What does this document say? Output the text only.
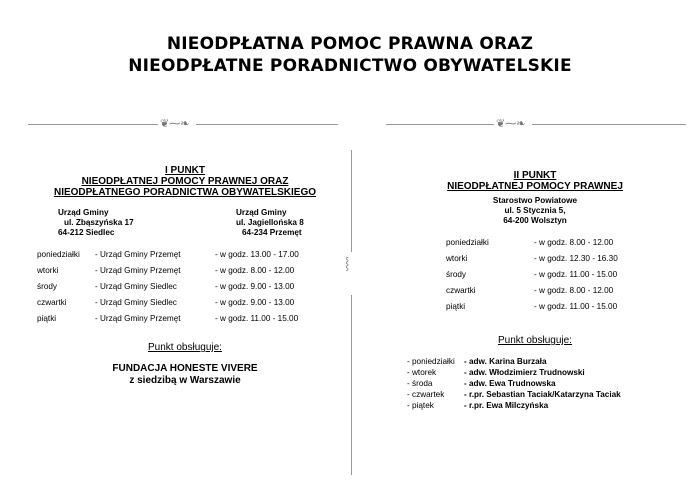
NIEODPŁATNA POMOC PRAWNA ORAZ
NIEODPŁATNE PORADNICTWO OBYWATELSKIE
❦⁓❧	❦⁓❧
⸾
I PUNKT
NIEODPŁATNEJ POMOCY PRAWNEJ ORAZ
NIEODPŁATNEGO PORADNICTWA OBYWATELSKIEGO
Urząd Gminy
ul. Zbąszyńska 17
64-212 Siedlec
Urząd Gminy
ul. Jagiellońska 8
64-234 Przemęt
poniedziałki - Urząd Gminy Przemęt	- w godz. 13.00 - 17.00
wtorki	- Urząd Gminy Przemęt	- w godz. 8.00 - 12.00
środy	- Urząd Gminy Siedlec	- w godz. 9.00 - 13.00
czwartki	- Urząd Gminy Siedlec	- w godz. 9.00 - 13.00
piątki	- Urząd Gminy Przemęt	- w godz. 11.00 - 15.00
Punkt obsługuje:
FUNDACJA HONESTE VIVERE
z siedzibą w Warszawie
II PUNKT
NIEODPŁATNEJ POMOCY PRAWNEJ
Starostwo Powiatowe
ul. 5 Stycznia 5,
64-200 Wolsztyn
poniedziałki	- w godz. 8.00 - 12.00
wtorki	- w godz. 12.30 - 16.30
środy	- w godz. 11.00 - 15.00
czwartki	- w godz. 8.00 - 12.00
piątki	- w godz. 11.00 - 15.00
Punkt obsługuje:
- poniedziałki - adw. Karina Burzała
- wtorek	- adw. Włodzimierz Trudnowski
- środa	- adw. Ewa Trudnowska
- czwartek - r.pr. Sebastian Taciak/Katarzyna Taciak
- piątek	- r.pr. Ewa Milczyńska
